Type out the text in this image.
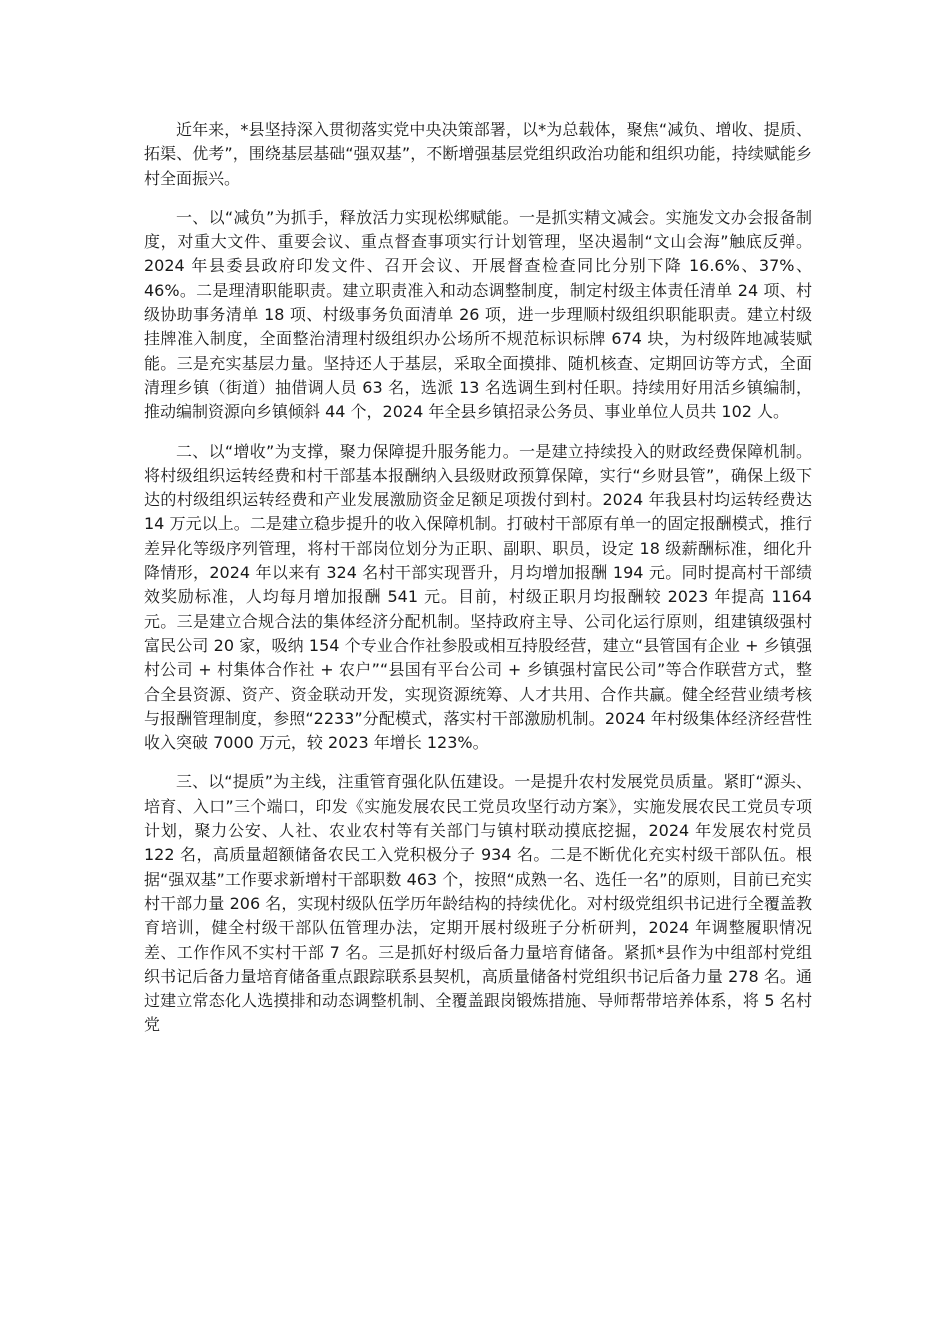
近年来，*县坚持深入贯彻落实党中央决策部署，以*为总载体，聚焦“减负、增收、提质、拓渠、优考”，围绕基层基础“强双基”，不断增强基层党组织政治功能和组织功能，持续赋能乡村全面振兴。

一、以“减负”为抓手，释放活力实现松绑赋能。一是抓实精文减会。实施发文办会报备制度，对重大文件、重要会议、重点督查事项实行计划管理，坚决遏制“文山会海”触底反弹。2024 年县委县政府印发文件、召开会议、开展督查检查同比分别下降 16.6%、37%、46%。二是理清职能职责。建立职责准入和动态调整制度，制定村级主体责任清单 24 项、村级协助事务清单 18 项、村级事务负面清单 26 项，进一步理顺村级组织职能职责。建立村级挂牌准入制度，全面整治清理村级组织办公场所不规范标识标牌 674 块，为村级阵地减装赋能。三是充实基层力量。坚持还人于基层，采取全面摸排、随机核查、定期回访等方式，全面清理乡镇（街道）抽借调人员 63 名，选派 13 名选调生到村任职。持续用好用活乡镇编制，推动编制资源向乡镇倾斜 44 个，2024 年全县乡镇招录公务员、事业单位人员共 102 人。

二、以“增收”为支撑，聚力保障提升服务能力。一是建立持续投入的财政经费保障机制。将村级组织运转经费和村干部基本报酬纳入县级财政预算保障，实行“乡财县管”，确保上级下达的村级组织运转经费和产业发展激励资金足额足项拨付到村。2024 年我县村均运转经费达 14 万元以上。二是建立稳步提升的收入保障机制。打破村干部原有单一的固定报酬模式，推行差异化等级序列管理，将村干部岗位划分为正职、副职、职员，设定 18 级薪酬标准，细化升降情形，2024 年以来有 324 名村干部实现晋升，月均增加报酬 194 元。同时提高村干部绩效奖励标准，人均每月增加报酬 541 元。目前，村级正职月均报酬较 2023 年提高 1164 元。三是建立合规合法的集体经济分配机制。坚持政府主导、公司化运行原则，组建镇级强村富民公司 20 家，吸纳 154 个专业合作社参股或相互持股经营，建立“县管国有企业 + 乡镇强村公司 + 村集体合作社 + 农户”“县国有平台公司 + 乡镇强村富民公司”等合作联营方式，整合全县资源、资产、资金联动开发，实现资源统筹、人才共用、合作共赢。健全经营业绩考核与报酬管理制度，参照“2233”分配模式，落实村干部激励机制。2024 年村级集体经济经营性收入突破 7000 万元，较 2023 年增长 123%。

三、以“提质”为主线，注重管育强化队伍建设。一是提升农村发展党员质量。紧盯“源头、培育、入口”三个端口，印发《实施发展农民工党员攻坚行动方案》，实施发展农民工党员专项计划，聚力公安、人社、农业农村等有关部门与镇村联动摸底挖掘，2024 年发展农村党员 122 名，高质量超额储备农民工入党积极分子 934 名。二是不断优化充实村级干部队伍。根据“强双基”工作要求新增村干部职数 463 个，按照“成熟一名、选任一名”的原则，目前已充实村干部力量 206 名，实现村级队伍学历年龄结构的持续优化。对村级党组织书记进行全覆盖教育培训，健全村级干部队伍管理办法，定期开展村级班子分析研判，2024 年调整履职情况差、工作作风不实村干部 7 名。三是抓好村级后备力量培育储备。紧抓*县作为中组部村党组织书记后备力量培育储备重点跟踪联系县契机，高质量储备村党组织书记后备力量 278 名。通过建立常态化人选摸排和动态调整机制、全覆盖跟岗锻炼措施、导师帮带培养体系，将 5 名村党
